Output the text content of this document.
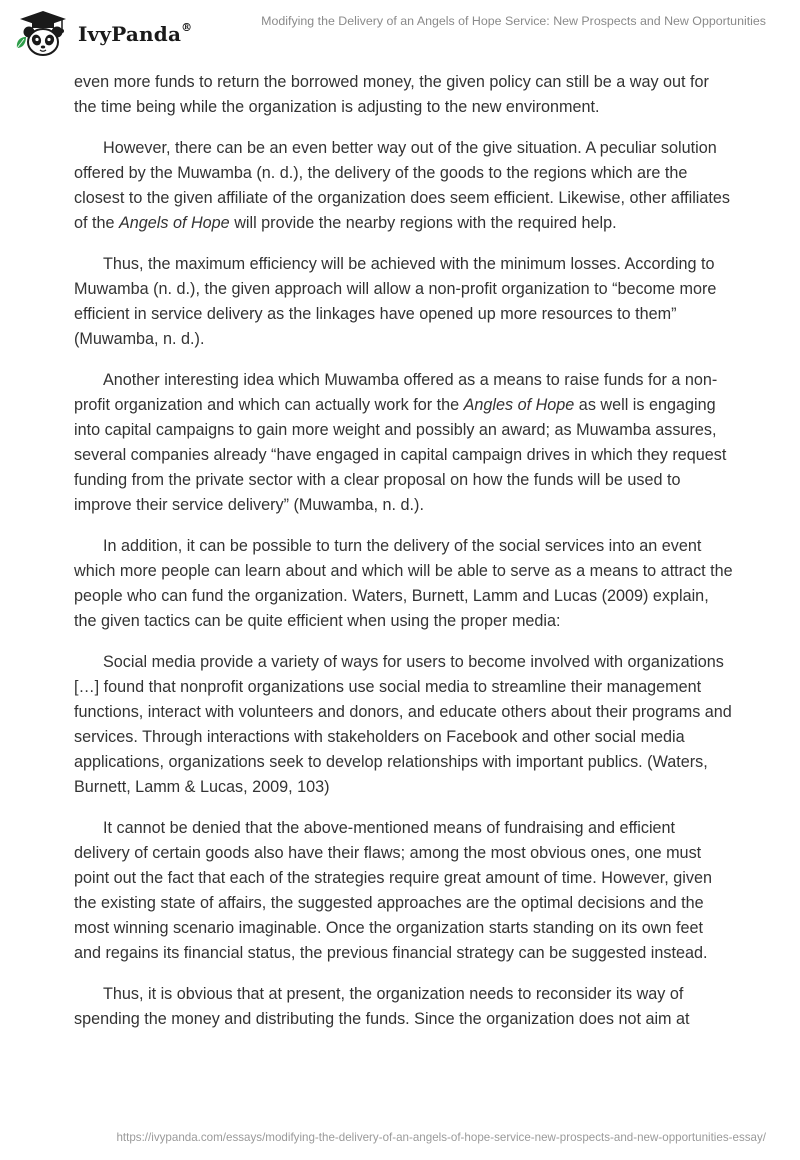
IvyPanda®	Modifying the Delivery of an Angels of Hope Service: New Prospects and New Opportunities

even more funds to return the borrowed money, the given policy can still be a way out for the time being while the organization is adjusting to the new environment.

However, there can be an even better way out of the give situation. A peculiar solution offered by the Muwamba (n. d.), the delivery of the goods to the regions which are the closest to the given affiliate of the organization does seem efficient. Likewise, other affiliates of the Angels of Hope will provide the nearby regions with the required help.

Thus, the maximum efficiency will be achieved with the minimum losses. According to Muwamba (n. d.), the given approach will allow a non-profit organization to “become more efficient in service delivery as the linkages have opened up more resources to them” (Muwamba, n. d.).

Another interesting idea which Muwamba offered as a means to raise funds for a non-profit organization and which can actually work for the Angles of Hope as well is engaging into capital campaigns to gain more weight and possibly an award; as Muwamba assures, several companies already “have engaged in capital campaign drives in which they request funding from the private sector with a clear proposal on how the funds will be used to improve their service delivery” (Muwamba, n. d.).

In addition, it can be possible to turn the delivery of the social services into an event which more people can learn about and which will be able to serve as a means to attract the people who can fund the organization. Waters, Burnett, Lamm and Lucas (2009) explain, the given tactics can be quite efficient when using the proper media:

Social media provide a variety of ways for users to become involved with organizations […] found that nonprofit organizations use social media to streamline their management functions, interact with volunteers and donors, and educate others about their programs and services. Through interactions with stakeholders on Facebook and other social media applications, organizations seek to develop relationships with important publics. (Waters, Burnett, Lamm & Lucas, 2009, 103)

It cannot be denied that the above-mentioned means of fundraising and efficient delivery of certain goods also have their flaws; among the most obvious ones, one must point out the fact that each of the strategies require great amount of time. However, given the existing state of affairs, the suggested approaches are the optimal decisions and the most winning scenario imaginable. Once the organization starts standing on its own feet and regains its financial status, the previous financial strategy can be suggested instead.

Thus, it is obvious that at present, the organization needs to reconsider its way of spending the money and distributing the funds. Since the organization does not aim at

https://ivypanda.com/essays/modifying-the-delivery-of-an-angels-of-hope-service-new-prospects-and-new-opportunities-essay/
